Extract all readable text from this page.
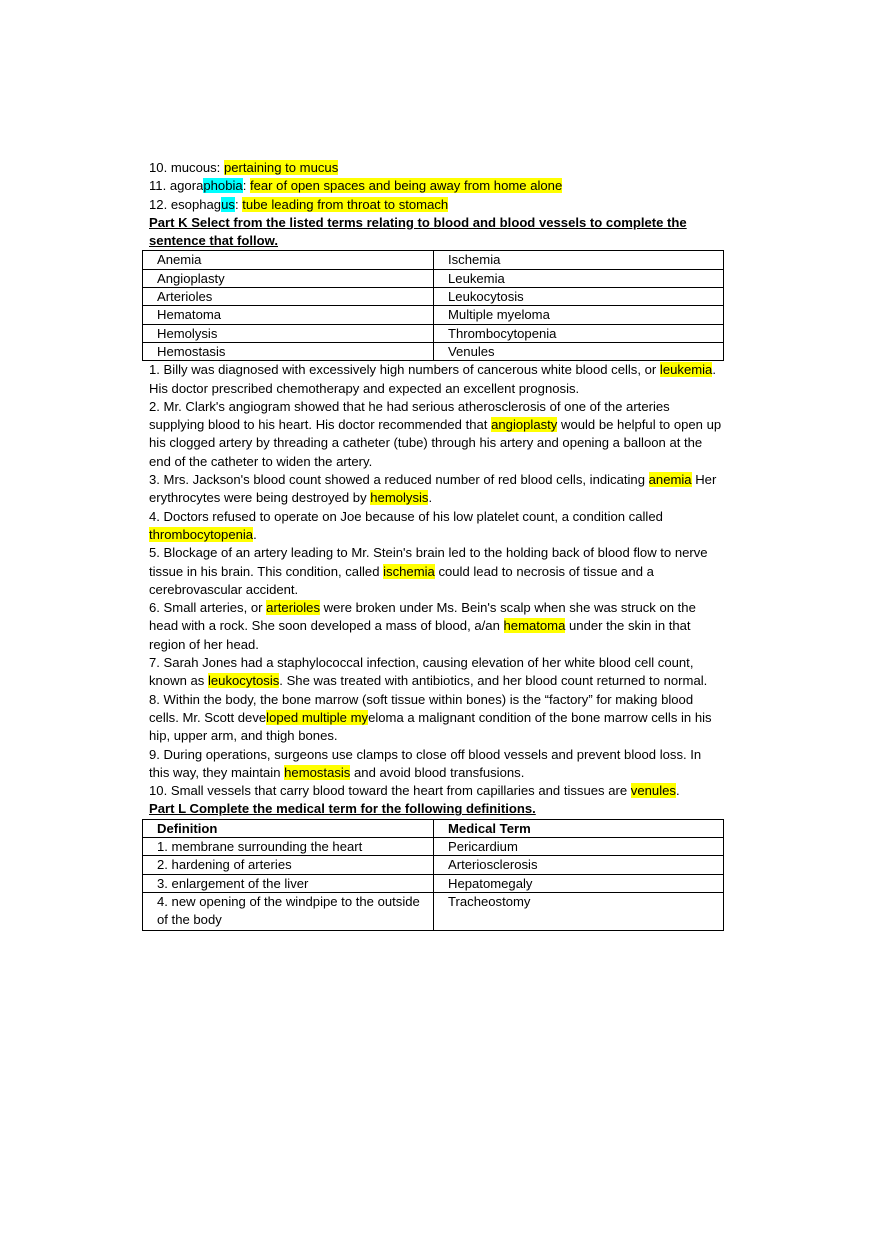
10. mucous: pertaining to mucus
11. agoraphobia: fear of open spaces and being away from home alone
12. esophagus: tube leading from throat to stomach
Part K Select from the listed terms relating to blood and blood vessels to complete the sentence that follow.
Anemia	Ischemia
Angioplasty	Leukemia
Arterioles	Leukocytosis
Hematoma	Multiple myeloma
Hemolysis	Thrombocytopenia
Hemostasis	Venules
1. Billy was diagnosed with excessively high numbers of cancerous white blood cells, or leukemia. His doctor prescribed chemotherapy and expected an excellent prognosis.
2. Mr. Clark's angiogram showed that he had serious atherosclerosis of one of the arteries supplying blood to his heart. His doctor recommended that angioplasty would be helpful to open up his clogged artery by threading a catheter (tube) through his artery and opening a balloon at the end of the catheter to widen the artery.
3. Mrs. Jackson's blood count showed a reduced number of red blood cells, indicating anemia Her erythrocytes were being destroyed by hemolysis.
4. Doctors refused to operate on Joe because of his low platelet count, a condition called thrombocytopenia.
5. Blockage of an artery leading to Mr. Stein's brain led to the holding back of blood flow to nerve tissue in his brain. This condition, called ischemia could lead to necrosis of tissue and a cerebrovascular accident.
6. Small arteries, or arterioles were broken under Ms. Bein's scalp when she was struck on the head with a rock. She soon developed a mass of blood, a/an hematoma under the skin in that region of her head.
7. Sarah Jones had a staphylococcal infection, causing elevation of her white blood cell count, known as leukocytosis. She was treated with antibiotics, and her blood count returned to normal.
8. Within the body, the bone marrow (soft tissue within bones) is the “factory” for making blood cells. Mr. Scott developed multiple myeloma a malignant condition of the bone marrow cells in his hip, upper arm, and thigh bones.
9. During operations, surgeons use clamps to close off blood vessels and prevent blood loss. In this way, they maintain hemostasis and avoid blood transfusions.
10. Small vessels that carry blood toward the heart from capillaries and tissues are venules.
Part L Complete the medical term for the following definitions.
Definition	Medical Term
1. membrane surrounding the heart	Pericardium
2. hardening of arteries	Arteriosclerosis
3. enlargement of the liver	Hepatomegaly
4. new opening of the windpipe to the outside of the body	Tracheostomy
